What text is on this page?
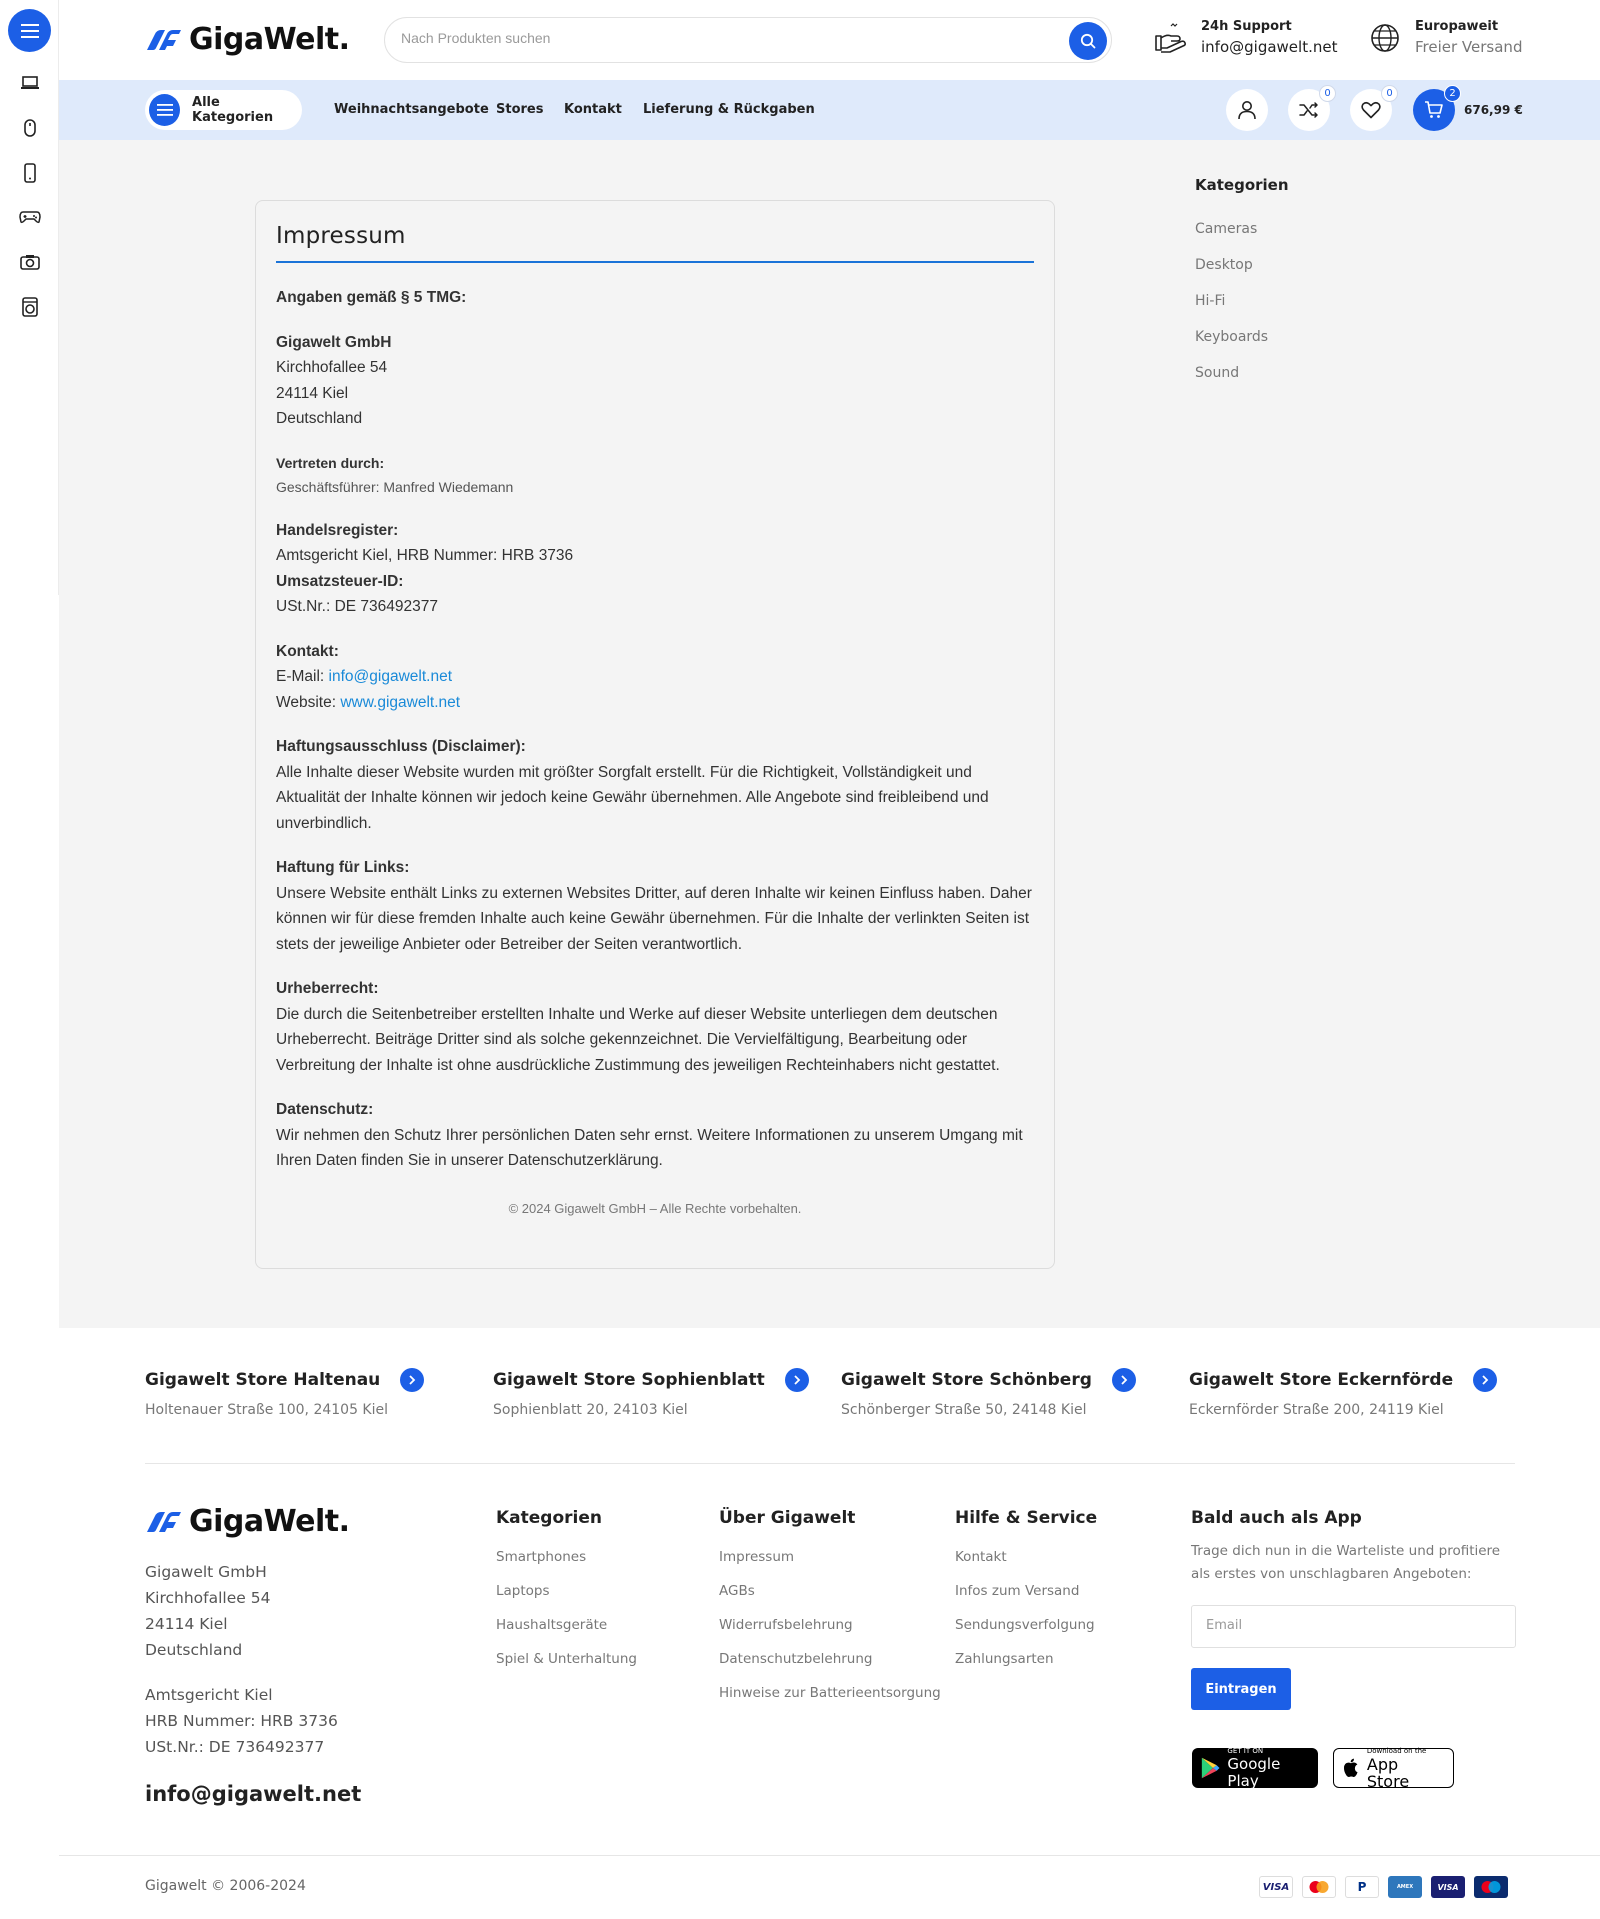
GigaWelt.
Nach Produkten suchen	24h Support
info@gigawelt.net
Europaweit
Freier Versand
Alle Kategorien
Weihnachtsangebote Stores Kontakt Lieferung & Rückgaben
0	0	2
676,99 €
Impressum
Angaben gemäß § 5 TMG:
Gigawelt GmbH
Kirchhofallee 54
24114 Kiel
Deutschland
Vertreten durch:
Geschäftsführer: Manfred Wiedemann
Handelsregister:
Amtsgericht Kiel, HRB Nummer: HRB 3736
Umsatzsteuer-ID:
USt.Nr.: DE 736492377
Kontakt:
E-Mail: info@gigawelt.net
Website: www.gigawelt.net
Haftungsausschluss (Disclaimer):
Alle Inhalte dieser Website wurden mit größter Sorgfalt erstellt. Für die Richtigkeit, Vollständigkeit und Aktualität der Inhalte können wir jedoch keine Gewähr übernehmen. Alle Angebote sind freibleibend und unverbindlich.
Haftung für Links:
Unsere Website enthält Links zu externen Websites Dritter, auf deren Inhalte wir keinen Einfluss haben. Daher können wir für diese fremden Inhalte auch keine Gewähr übernehmen. Für die Inhalte der verlinkten Seiten ist stets der jeweilige Anbieter oder Betreiber der Seiten verantwortlich.
Urheberrecht:
Die durch die Seitenbetreiber erstellten Inhalte und Werke auf dieser Website unterliegen dem deutschen Urheberrecht. Beiträge Dritter sind als solche gekennzeichnet. Die Vervielfältigung, Bearbeitung oder Verbreitung der Inhalte ist ohne ausdrückliche Zustimmung des jeweiligen Rechteinhabers nicht gestattet.
Datenschutz:
Wir nehmen den Schutz Ihrer persönlichen Daten sehr ernst. Weitere Informationen zu unserem Umgang mit Ihren Daten finden Sie in unserer Datenschutzerklärung.
© 2024 Gigawelt GmbH – Alle Rechte vorbehalten.
Kategorien
Cameras
Desktop
Hi-Fi
Keyboards
Sound
Gigawelt Store Haltenau
Holtenauer Straße 100, 24105 Kiel
Gigawelt Store Sophienblatt
Sophienblatt 20, 24103 Kiel
Gigawelt Store Schönberg
Schönberger Straße 50, 24148 Kiel
Gigawelt Store Eckernförde
Eckernförder Straße 200, 24119 Kiel
GigaWelt.
Gigawelt GmbH
Kirchhofallee 54
24114 Kiel
Deutschland
Amtsgericht Kiel
HRB Nummer: HRB 3736
USt.Nr.: DE 736492377
info@gigawelt.net
Kategorien
Smartphones
Laptops
Haushaltsgeräte
Spiel & Unterhaltung
Über Gigawelt
Impressum
AGBs
Widerrufsbelehrung
Datenschutzbelehrung
Hinweise zur Batterieentsorgung
Hilfe & Service
Kontakt
Infos zum Versand
Sendungsverfolgung
Zahlungsarten
Bald auch als App
Trage dich nun in die Warteliste und profitiere als erstes von unschlagbaren Angeboten:
Email
Eintragen
GET IT ON
Google Play
Download on the
App Store
Gigawelt © 2006-2024	VISA	P	AMEX	VISA
